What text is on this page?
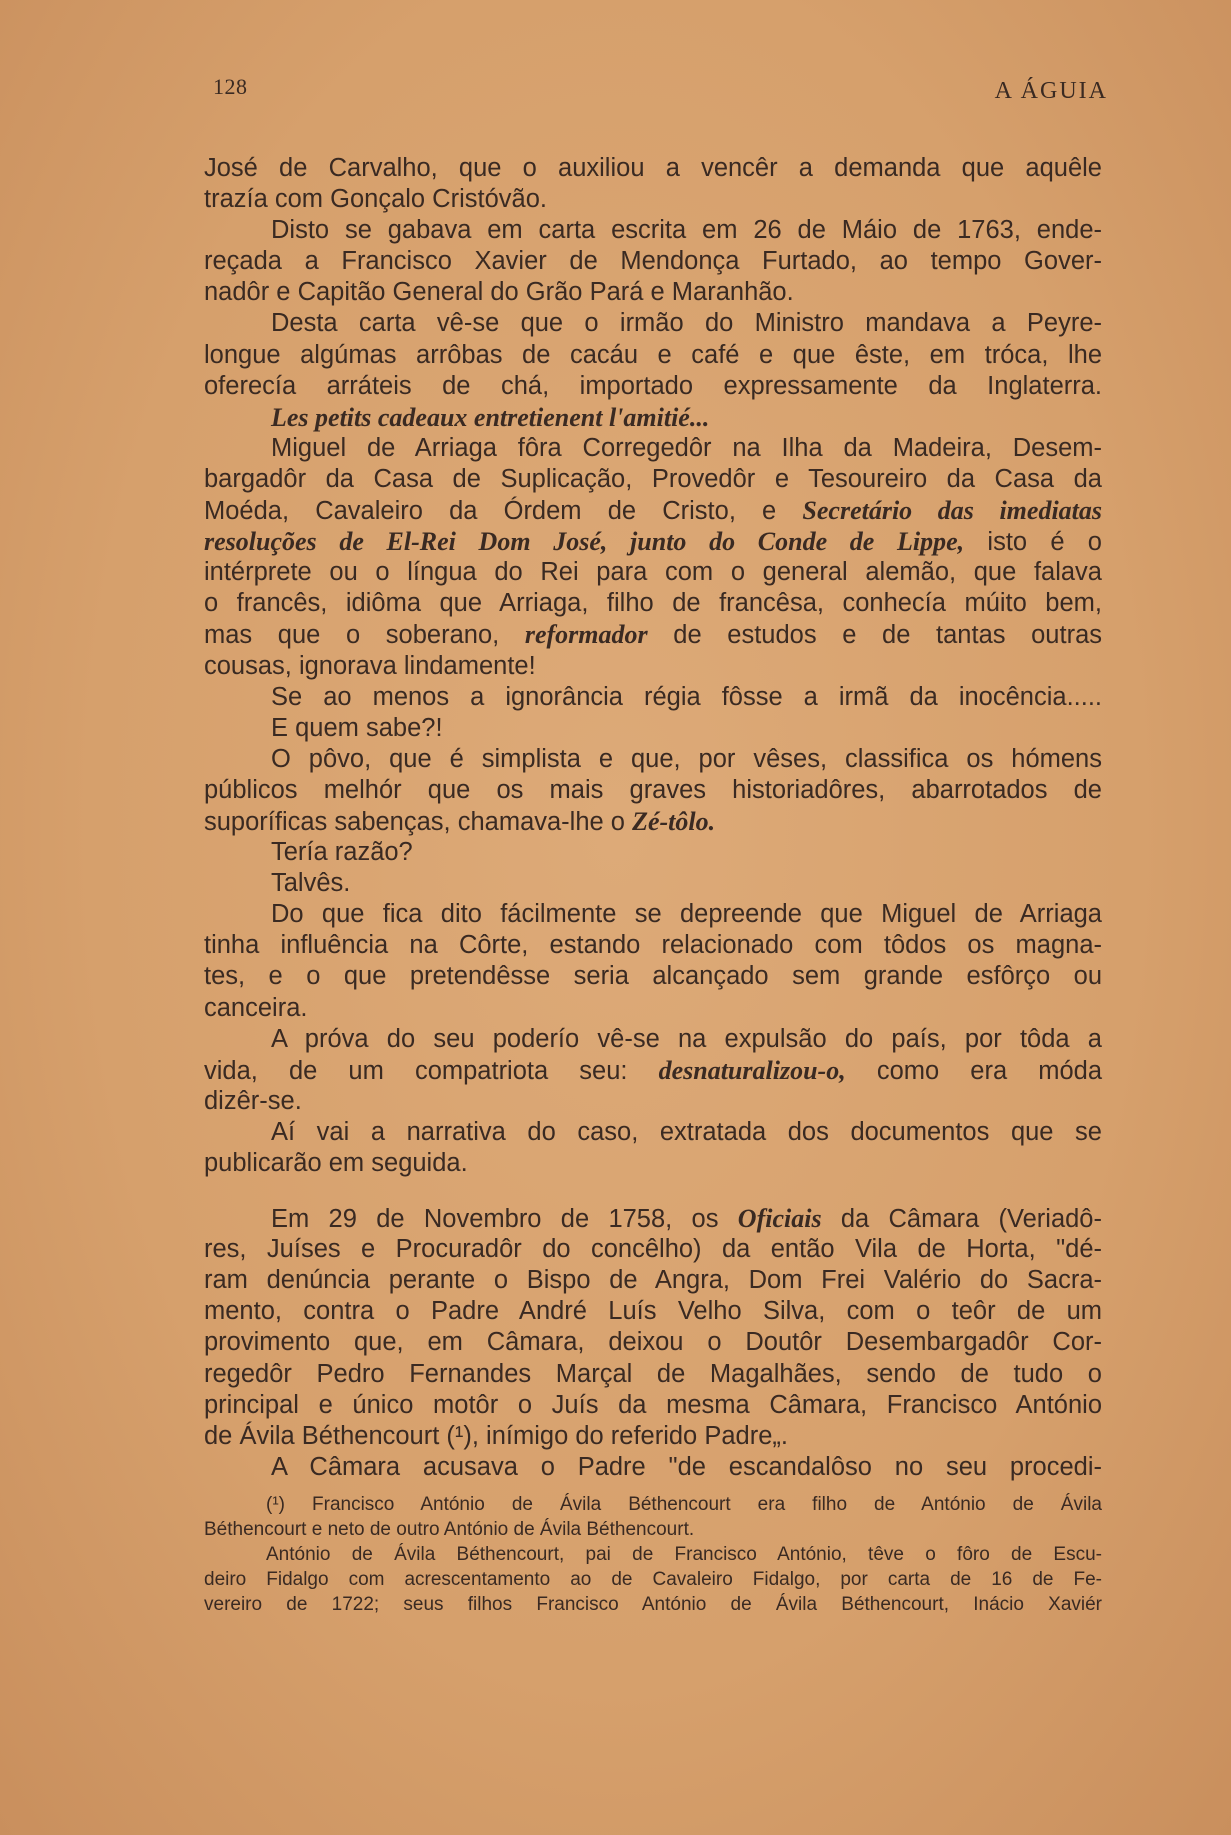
128	A ÁGUIA
José de Carvalho, que o auxiliou a vencêr a demanda que aquêle
trazía com Gonçalo Cristóvão.
Disto se gabava em carta escrita em 26 de Máio de 1763, ende-
reçada a Francisco Xavier de Mendonça Furtado, ao tempo Gover-
nadôr e Capitão General do Grão Pará e Maranhão.
Desta carta vê-se que o irmão do Ministro mandava a Peyre-
longue algúmas arrôbas de cacáu e café e que êste, em tróca, lhe
oferecía arráteis de chá, importado expressamente da Inglaterra.
Les petits cadeaux entretienent l'amitié...
Miguel de Arriaga fôra Corregedôr na Ilha da Madeira, Desem-
bargadôr da Casa de Suplicação, Provedôr e Tesoureiro da Casa da
Moéda, Cavaleiro da Órdem de Cristo, e Secretário das imediatas
resoluções de El-Rei Dom José, junto do Conde de Lippe, isto é o
intérprete ou o língua do Rei para com o general alemão, que falava
o francês, idiôma que Arriaga, filho de francêsa, conhecía múito bem,
mas que o soberano, reformador de estudos e de tantas outras
cousas, ignorava lindamente!
Se ao menos a ignorância régia fôsse a irmã da inocência.....
E quem sabe?!
O pôvo, que é simplista e que, por vêses, classifica os hómens
públicos melhór que os mais graves historiadôres, abarrotados de
suporíficas sabenças, chamava-lhe o Zé-tôlo.
Tería razão?
Talvês.
Do que fica dito fácilmente se depreende que Miguel de Arriaga
tinha influência na Côrte, estando relacionado com tôdos os magna-
tes, e o que pretendêsse seria alcançado sem grande esfôrço ou
canceira.
A próva do seu poderío vê-se na expulsão do país, por tôda a
vida, de um compatriota seu: desnaturalizou-o, como era móda
dizêr-se.
Aí vai a narrativa do caso, extratada dos documentos que se
publicarão em seguida.
Em 29 de Novembro de 1758, os Oficiais da Câmara (Veriadô-
res, Juíses e Procuradôr do concêlho) da então Vila de Horta, "dé-
ram denúncia perante o Bispo de Angra, Dom Frei Valério do Sacra-
mento, contra o Padre André Luís Velho Silva, com o teôr de um
provimento que, em Câmara, deixou o Doutôr Desembargadôr Cor-
regedôr Pedro Fernandes Marçal de Magalhães, sendo de tudo o
principal e único motôr o Juís da mesma Câmara, Francisco António
de Ávila Béthencourt (¹), inímigo do referido Padre„.
A Câmara acusava o Padre "de escandalôso no seu procedi-
(¹) Francisco António de Ávila Béthencourt era filho de António de Ávila
Béthencourt e neto de outro António de Ávila Béthencourt.
António de Ávila Béthencourt, pai de Francisco António, têve o fôro de Escu-
deiro Fidalgo com acrescentamento ao de Cavaleiro Fidalgo, por carta de 16 de Fe-
vereiro de 1722; seus filhos Francisco António de Ávila Béthencourt, Inácio Xaviér
